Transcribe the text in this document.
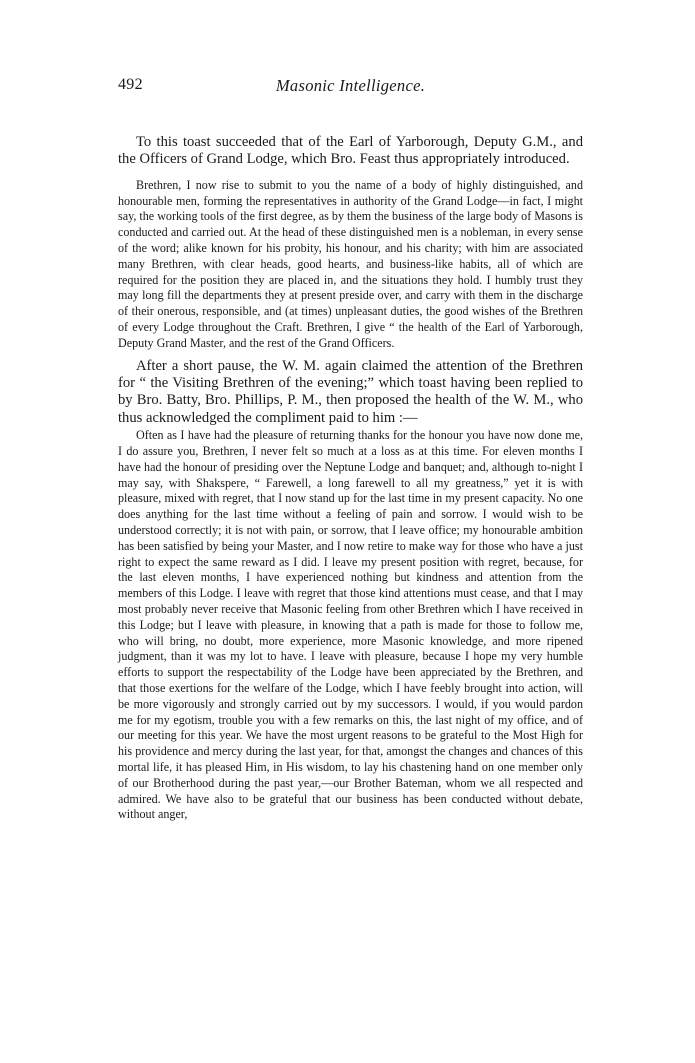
492	Masonic Intelligence.

To this toast succeeded that of the Earl of Yarborough, Deputy G.M., and the Officers of Grand Lodge, which Bro. Feast thus appropriately introduced.

Brethren, I now rise to submit to you the name of a body of highly distinguished, and honourable men, forming the representatives in authority of the Grand Lodge—in fact, I might say, the working tools of the first degree, as by them the business of the large body of Masons is conducted and carried out. At the head of these distinguished men is a nobleman, in every sense of the word; alike known for his probity, his honour, and his charity; with him are associated many Brethren, with clear heads, good hearts, and business-like habits, all of which are required for the position they are placed in, and the situations they hold. I humbly trust they may long fill the departments they at present preside over, and carry with them in the discharge of their onerous, responsible, and (at times) unpleasant duties, the good wishes of the Brethren of every Lodge throughout the Craft. Brethren, I give “ the health of the Earl of Yarborough, Deputy Grand Master, and the rest of the Grand Officers.

After a short pause, the W. M. again claimed the attention of the Brethren for “ the Visiting Brethren of the evening;” which toast having been replied to by Bro. Batty, Bro. Phillips, P. M., then proposed the health of the W. M., who thus acknowledged the compliment paid to him :—

Often as I have had the pleasure of returning thanks for the honour you have now done me, I do assure you, Brethren, I never felt so much at a loss as at this time. For eleven months I have had the honour of presiding over the Neptune Lodge and banquet; and, although to-night I may say, with Shakspere, “ Farewell, a long farewell to all my greatness,” yet it is with pleasure, mixed with regret, that I now stand up for the last time in my present capacity. No one does anything for the last time without a feeling of pain and sorrow. I would wish to be understood correctly; it is not with pain, or sorrow, that I leave office; my honourable ambition has been satisfied by being your Master, and I now retire to make way for those who have a just right to expect the same reward as I did. I leave my present position with regret, because, for the last eleven months, I have experienced nothing but kindness and attention from the members of this Lodge. I leave with regret that those kind attentions must cease, and that I may most probably never receive that Masonic feeling from other Brethren which I have received in this Lodge; but I leave with pleasure, in knowing that a path is made for those to follow me, who will bring, no doubt, more experience, more Masonic knowledge, and more ripened judgment, than it was my lot to have. I leave with pleasure, because I hope my very humble efforts to support the respectability of the Lodge have been appreciated by the Brethren, and that those exertions for the welfare of the Lodge, which I have feebly brought into action, will be more vigorously and strongly carried out by my successors. I would, if you would pardon me for my egotism, trouble you with a few remarks on this, the last night of my office, and of our meeting for this year. We have the most urgent reasons to be grateful to the Most High for his providence and mercy during the last year, for that, amongst the changes and chances of this mortal life, it has pleased Him, in His wisdom, to lay his chastening hand on one member only of our Brotherhood during the past year,—our Brother Bateman, whom we all respected and admired. We have also to be grateful that our business has been conducted without debate, without anger,
